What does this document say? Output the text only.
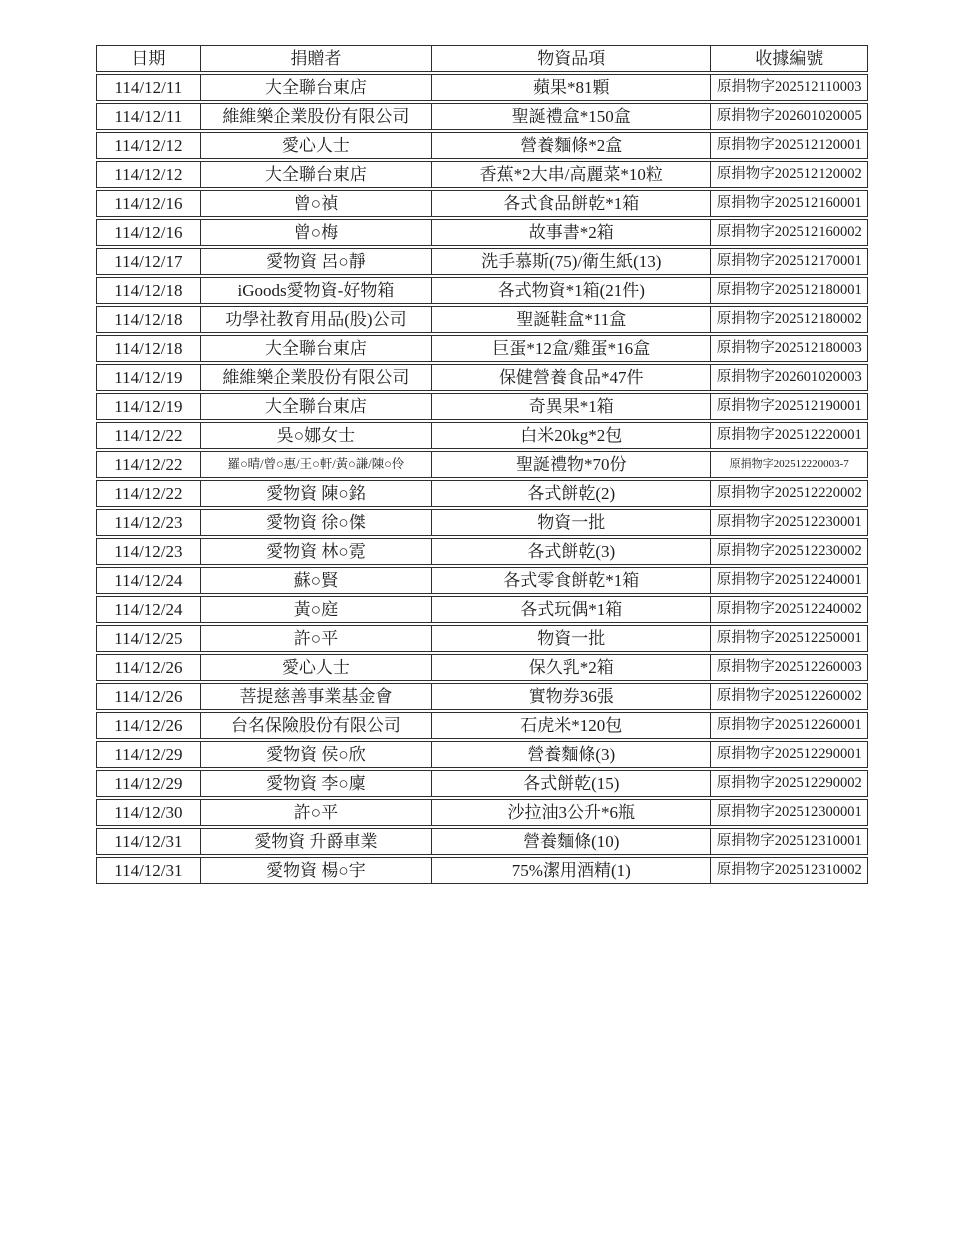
日期	捐贈者	物資品項	收據編號
114/12/11	大全聯台東店	蘋果*81顆	原捐物字202512110003
114/12/11	維維樂企業股份有限公司	聖誕禮盒*150盒	原捐物字202601020005
114/12/12	愛心人士	營養麵條*2盒	原捐物字202512120001
114/12/12	大全聯台東店	香蕉*2大串/高麗菜*10粒	原捐物字202512120002
114/12/16	曾○禎	各式食品餅乾*1箱	原捐物字202512160001
114/12/16	曾○梅	故事書*2箱	原捐物字202512160002
114/12/17	愛物資 呂○靜	洗手慕斯(75)/衛生紙(13)	原捐物字202512170001
114/12/18	iGoods愛物資-好物箱	各式物資*1箱(21件)	原捐物字202512180001
114/12/18	功學社教育用品(股)公司	聖誕鞋盒*11盒	原捐物字202512180002
114/12/18	大全聯台東店	巨蛋*12盒/雞蛋*16盒	原捐物字202512180003
114/12/19	維維樂企業股份有限公司	保健營養食品*47件	原捐物字202601020003
114/12/19	大全聯台東店	奇異果*1箱	原捐物字202512190001
114/12/22	吳○娜女士	白米20kg*2包	原捐物字202512220001
114/12/22	羅○晴/曾○惠/王○軒/黃○謙/陳○伶	聖誕禮物*70份	原捐物字202512220003-7
114/12/22	愛物資 陳○銘	各式餅乾(2)	原捐物字202512220002
114/12/23	愛物資 徐○傑	物資一批	原捐物字202512230001
114/12/23	愛物資 林○霓	各式餅乾(3)	原捐物字202512230002
114/12/24	蘇○賢	各式零食餅乾*1箱	原捐物字202512240001
114/12/24	黃○庭	各式玩偶*1箱	原捐物字202512240002
114/12/25	許○平	物資一批	原捐物字202512250001
114/12/26	愛心人士	保久乳*2箱	原捐物字202512260003
114/12/26	菩提慈善事業基金會	實物券36張	原捐物字202512260002
114/12/26	台名保險股份有限公司	石虎米*120包	原捐物字202512260001
114/12/29	愛物資 侯○欣	營養麵條(3)	原捐物字202512290001
114/12/29	愛物資 李○廩	各式餅乾(15)	原捐物字202512290002
114/12/30	許○平	沙拉油3公升*6瓶	原捐物字202512300001
114/12/31	愛物資 升爵車業	營養麵條(10)	原捐物字202512310001
114/12/31	愛物資 楊○宇	75%潔用酒精(1)	原捐物字202512310002
